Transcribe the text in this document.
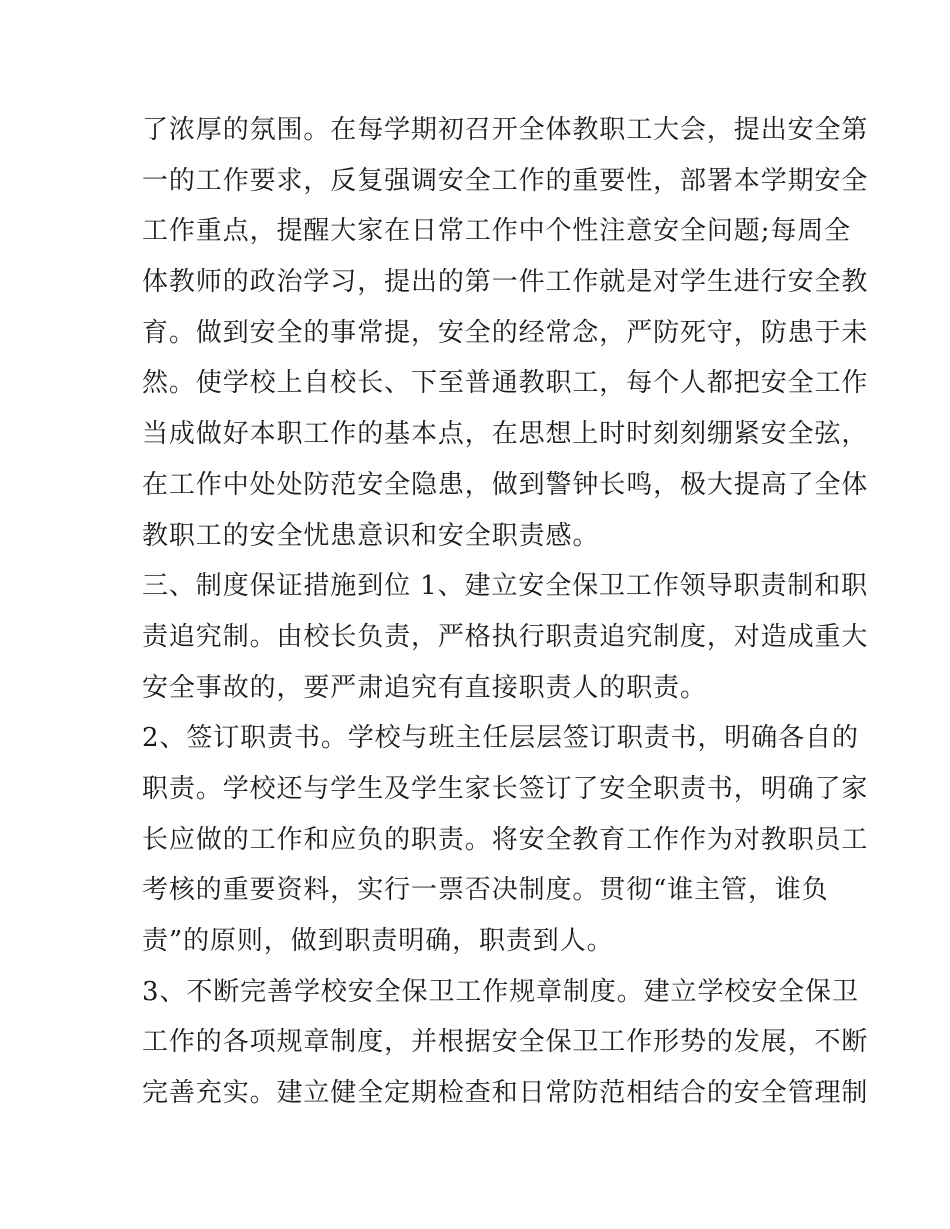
了浓厚的氛围。在每学期初召开全体教职工大会，提出安全第
一的工作要求，反复强调安全工作的重要性，部署本学期安全
工作重点，提醒大家在日常工作中个性注意安全问题;每周全
体教师的政治学习，提出的第一件工作就是对学生进行安全教
育。做到安全的事常提，安全的经常念，严防死守，防患于未
然。使学校上自校长、下至普通教职工，每个人都把安全工作
当成做好本职工作的基本点，在思想上时时刻刻绷紧安全弦，
在工作中处处防范安全隐患，做到警钟长鸣，极大提高了全体
教职工的安全忧患意识和安全职责感。
三、制度保证措施到位 1、建立安全保卫工作领导职责制和职
责追究制。由校长负责，严格执行职责追究制度，对造成重大
安全事故的，要严肃追究有直接职责人的职责。
2、签订职责书。学校与班主任层层签订职责书，明确各自的
职责。学校还与学生及学生家长签订了安全职责书，明确了家
长应做的工作和应负的职责。将安全教育工作作为对教职员工
考核的重要资料，实行一票否决制度。贯彻“谁主管，谁负
责”的原则，做到职责明确，职责到人。
3、不断完善学校安全保卫工作规章制度。建立学校安全保卫
工作的各项规章制度，并根据安全保卫工作形势的发展，不断
完善充实。建立健全定期检查和日常防范相结合的安全管理制
